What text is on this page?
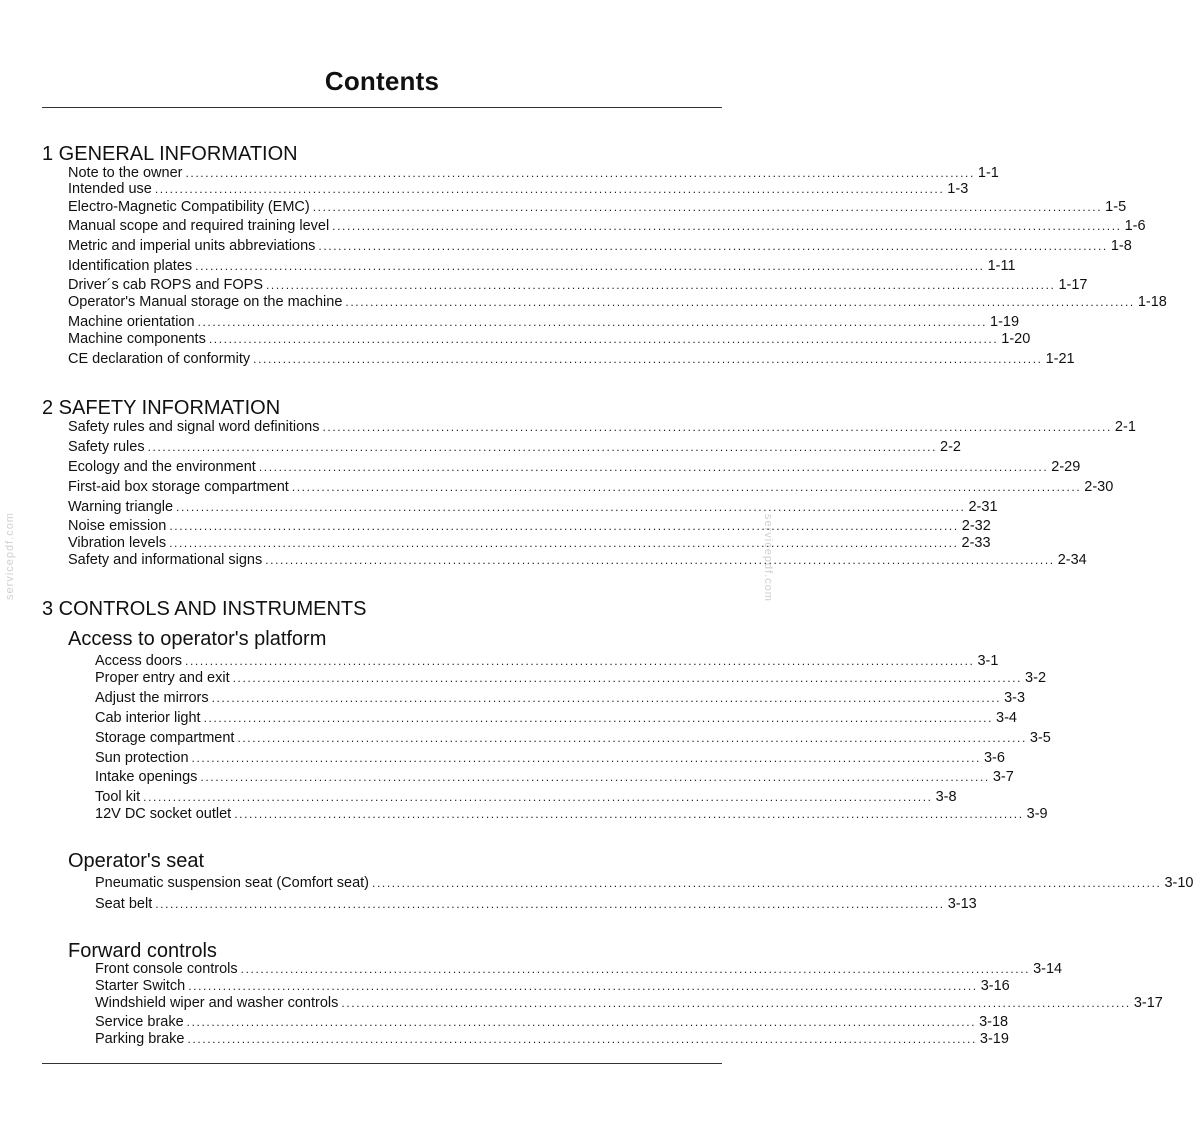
Contents
servicepdf.com	servicepdf.com
1 GENERAL INFORMATION
Note to the owner ................................................................................................................................................................ 1-1
Intended use ................................................................................................................................................................ 1-3
Electro-Magnetic Compatibility (EMC) ................................................................................................................................................................ 1-5
Manual scope and required training level ................................................................................................................................................................ 1-6
Metric and imperial units abbreviations ................................................................................................................................................................ 1-8
Identification plates ................................................................................................................................................................ 1-11
Driver´s cab ROPS and FOPS ................................................................................................................................................................ 1-17
Operator's Manual storage on the machine ................................................................................................................................................................ 1-18
Machine orientation ................................................................................................................................................................ 1-19
Machine components ................................................................................................................................................................ 1-20
CE declaration of conformity ................................................................................................................................................................ 1-21
2 SAFETY INFORMATION
Safety rules and signal word definitions ................................................................................................................................................................ 2-1
Safety rules ................................................................................................................................................................ 2-2
Ecology and the environment ................................................................................................................................................................ 2-29
First-aid box storage compartment ................................................................................................................................................................ 2-30
Warning triangle ................................................................................................................................................................ 2-31
Noise emission ................................................................................................................................................................ 2-32
Vibration levels ................................................................................................................................................................ 2-33
Safety and informational signs ................................................................................................................................................................ 2-34
3 CONTROLS AND INSTRUMENTS
Access to operator's platform
Access doors ................................................................................................................................................................ 3-1
Proper entry and exit ................................................................................................................................................................ 3-2
Adjust the mirrors ................................................................................................................................................................ 3-3
Cab interior light ................................................................................................................................................................ 3-4
Storage compartment ................................................................................................................................................................ 3-5
Sun protection ................................................................................................................................................................ 3-6
Intake openings ................................................................................................................................................................ 3-7
Tool kit ................................................................................................................................................................ 3-8
12V DC socket outlet ................................................................................................................................................................ 3-9
Operator's seat
Pneumatic suspension seat (Comfort seat) ................................................................................................................................................................ 3-10
Seat belt ................................................................................................................................................................ 3-13
Forward controls
Front console controls ................................................................................................................................................................ 3-14
Starter Switch ................................................................................................................................................................ 3-16
Windshield wiper and washer controls ................................................................................................................................................................ 3-17
Service brake ................................................................................................................................................................ 3-18
Parking brake ................................................................................................................................................................ 3-19
